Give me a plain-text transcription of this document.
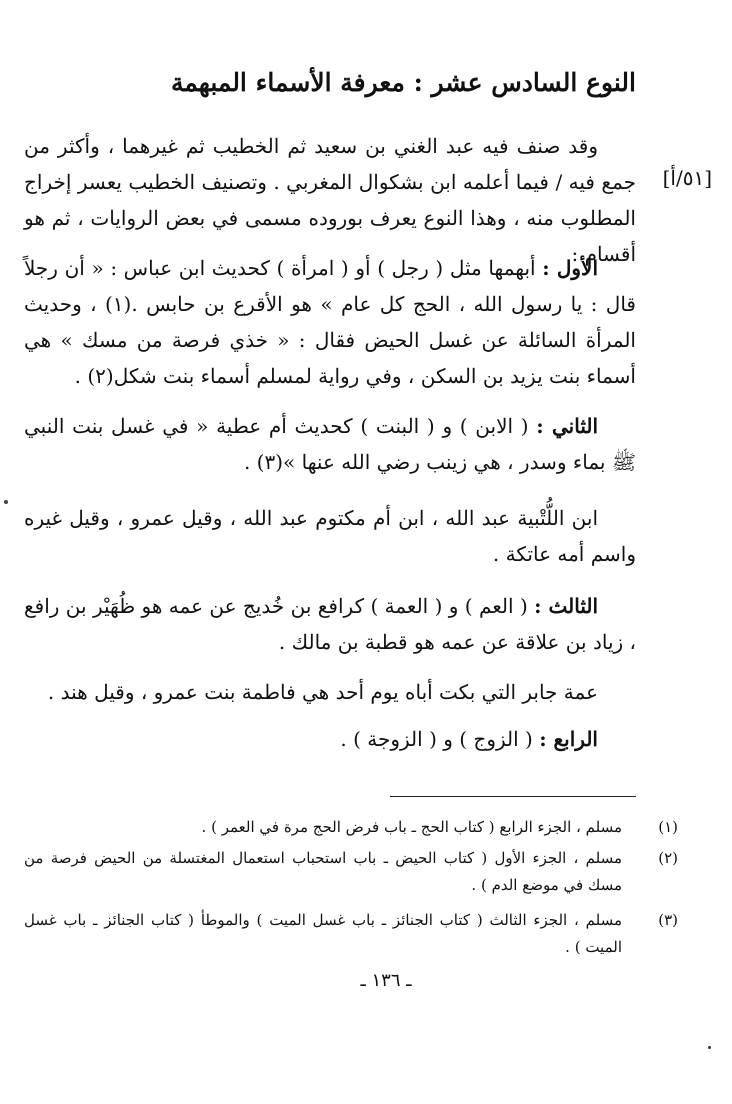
النوع السادس عشر : معرفة الأسماء المبهمة
[٥١/أ]

وقد صنف فيه عبد الغني بن سعيد ثم الخطيب ثم غيرهما ، وأكثر من جمع فيه / فيما أعلمه ابن بشكوال المغربي . وتصنيف الخطيب يعسر إخراج المطلوب منه ، وهذا النوع يعرف بوروده مسمى في بعض الروايات ، ثم هو أقسام :

الأول : أبهمها مثل ( رجل ) أو ( امرأة ) كحديث ابن عباس : « أن رجلاً قال : يا رسول الله ، الحج كل عام » هو الأقرع بن حابس .(١) ، وحديث المرأة السائلة عن غسل الحيض فقال : « خذي فرصة من مسك » هي أسماء بنت يزيد بن السكن ، وفي رواية لمسلم أسماء بنت شكل(٢) .

الثاني : ( الابن ) و ( البنت ) كحديث أم عطية « في غسل بنت النبي ﷺ بماء وسدر ، هي زينب رضي الله عنها »(٣) .

ابن اللُّتْبية عبد الله ، ابن أم مكتوم عبد الله ، وقيل عمرو ، وقيل غيره واسم أمه عاتكة .

الثالث : ( العم ) و ( العمة ) كرافع بن خُديج عن عمه هو ظُهَيْر بن رافع ، زياد بن علاقة عن عمه هو قطبة بن مالك .

عمة جابر التي بكت أباه يوم أحد هي فاطمة بنت عمرو ، وقيل هند .

الرابع : ( الزوج ) و ( الزوجة ) .

(١)
مسلم ، الجزء الرابع ( كتاب الحج ـ باب فرض الحج مرة في العمر ) .
(٢)
مسلم ، الجزء الأول ( كتاب الحيض ـ باب استحباب استعمال المغتسلة من الحيض فرصة من مسك في موضع الدم ) .
(٣)
مسلم ، الجزء الثالث ( كتاب الجنائز ـ باب غسل الميت ) والموطأ ( كتاب الجنائز ـ باب غسل الميت ) .
ـ ١٣٦ ـ
